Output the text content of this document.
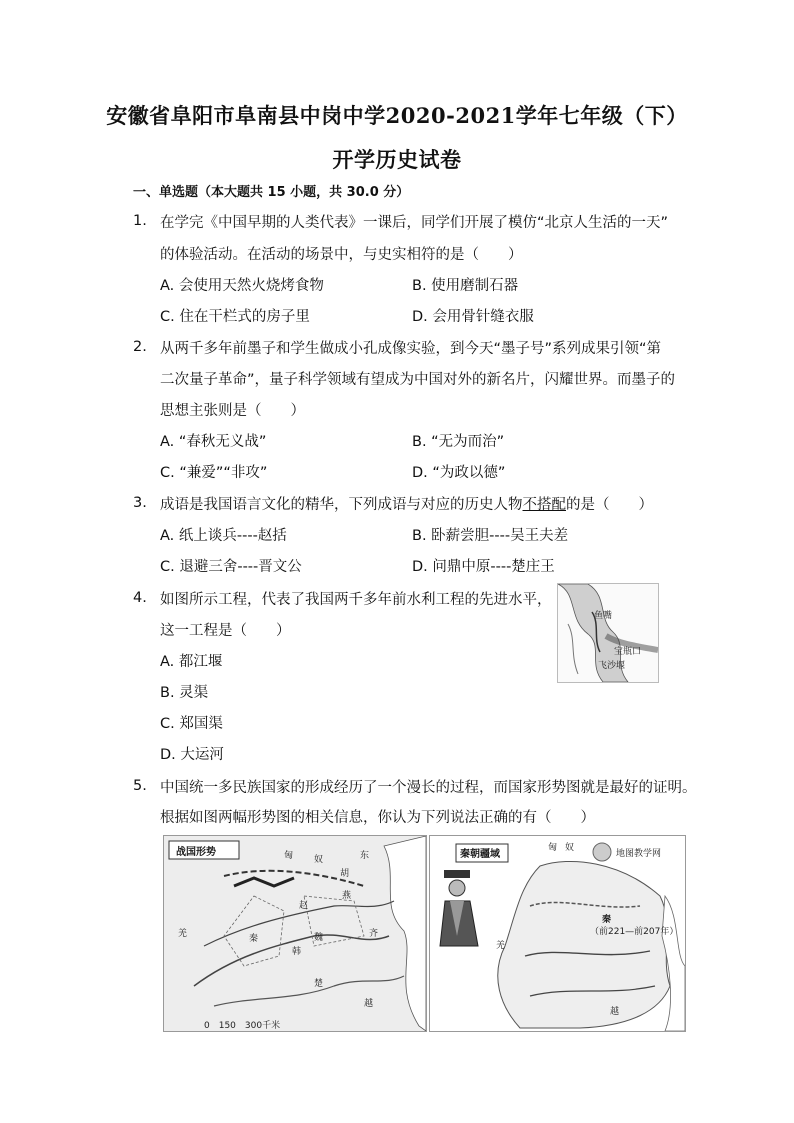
安徽省阜阳市阜南县中岗中学2020-2021学年七年级（下）
开学历史试卷
一、单选题（本大题共 15 小题，共 30.0 分）
1. 在学完《中国早期的人类代表》一课后，同学们开展了模仿“北京人生活的一天”
的体验活动。在活动的场景中，与史实相符的是（　　）
A. 会使用天然火烧烤食物	B. 使用磨制石器
C. 住在干栏式的房子里	D. 会用骨针缝衣服
2. 从两千多年前墨子和学生做成小孔成像实验，到今天“墨子号”系列成果引领“第
二次量子革命”，量子科学领域有望成为中国对外的新名片，闪耀世界。而墨子的
思想主张则是（　　）
A. “春秋无义战”	B. “无为而治”
C. “兼爱”“非攻”	D. “为政以德”
3. 成语是我国语言文化的精华，下列成语与对应的历史人物不搭配的是（　　）
A. 纸上谈兵----赵括	B. 卧薪尝胆----吴王夫差
C. 退避三舍----晋文公	D. 问鼎中原----楚庄王
4. 如图所示工程，代表了我国两千多年前水利工程的先进水平，
这一工程是（　　）
A. 都江堰
B. 灵渠
C. 郑国渠
D. 大运河
宝瓶口
飞沙堰
鱼嘴
5. 中国统一多民族国家的形成经历了一个漫长的过程，而国家形势图就是最好的证明。
根据如图两幅形势图的相关信息，你认为下列说法正确的有（　　）
战国形势	匈 奴	东
胡
燕
赵
齐
魏
韩
秦
楚
羌
越
0　150　300千米
秦朝疆域	地图教学网
匈 奴
秦
（前221—前207年）
羌
越
